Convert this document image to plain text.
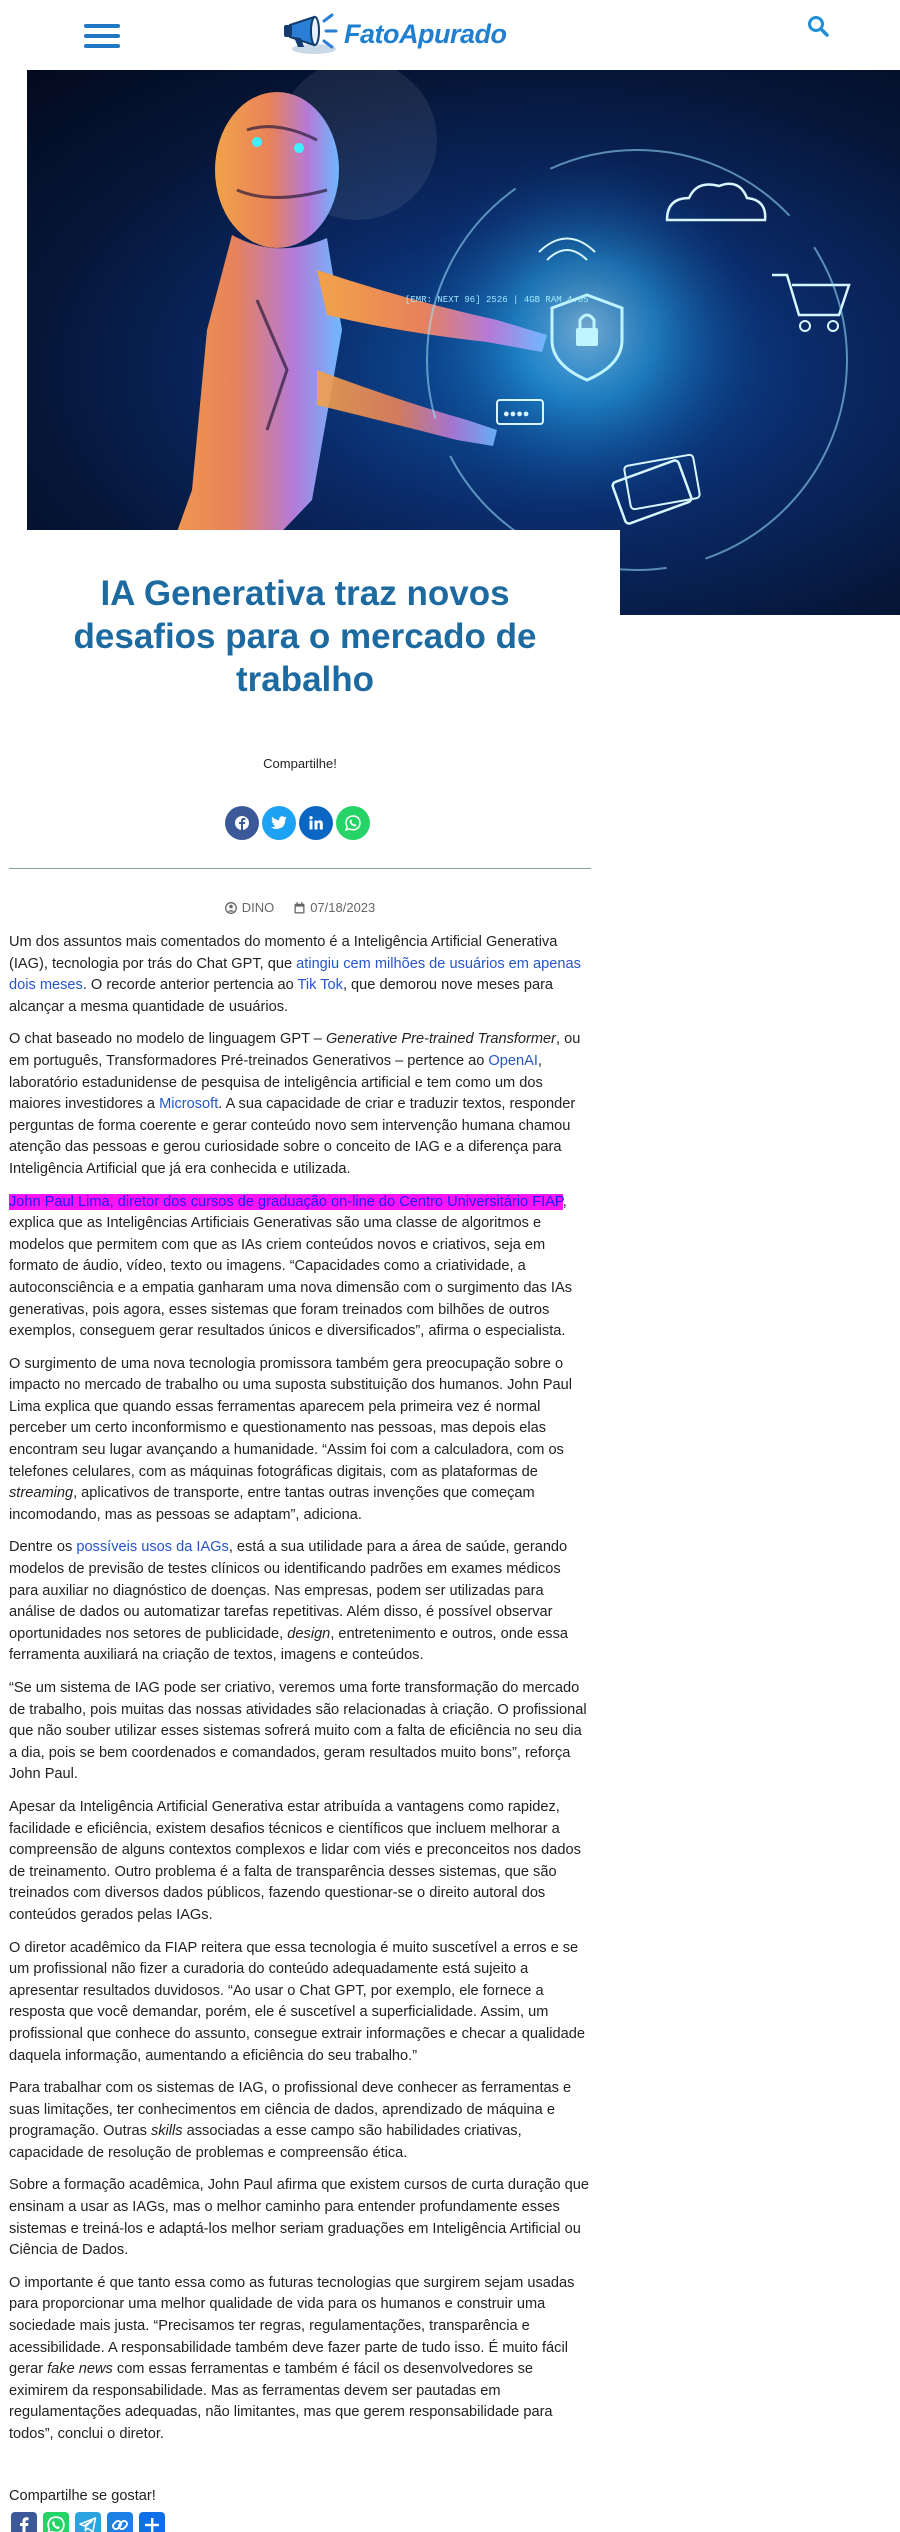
FatoApurado
●●●●
[EMR: NEXT 96] 2526 | 4GB RAM 4.05
IA Generativa traz novos desafios para o mercado de trabalho
Compartilhe!
DINO	07/18/2023

Um dos assuntos mais comentados do momento é a Inteligência Artificial Generativa (IAG), tecnologia por trás do Chat GPT, que atingiu cem milhões de usuários em apenas dois meses. O recorde anterior pertencia ao Tik Tok, que demorou nove meses para alcançar a mesma quantidade de usuários.

O chat baseado no modelo de linguagem GPT – Generative Pre-trained Transformer, ou em português, Transformadores Pré-treinados Generativos – pertence ao OpenAI, laboratório estadunidense de pesquisa de inteligência artificial e tem como um dos maiores investidores a Microsoft. A sua capacidade de criar e traduzir textos, responder perguntas de forma coerente e gerar conteúdo novo sem intervenção humana chamou atenção das pessoas e gerou curiosidade sobre o conceito de IAG e a diferença para Inteligência Artificial que já era conhecida e utilizada.

John Paul Lima, diretor dos cursos de graduação on-line do Centro Universitário FIAP, explica que as Inteligências Artificiais Generativas são uma classe de algoritmos e modelos que permitem com que as IAs criem conteúdos novos e criativos, seja em formato de áudio, vídeo, texto ou imagens. “Capacidades como a criatividade, a autoconsciência e a empatia ganharam uma nova dimensão com o surgimento das IAs generativas, pois agora, esses sistemas que foram treinados com bilhões de outros exemplos, conseguem gerar resultados únicos e diversificados”, afirma o especialista.

O surgimento de uma nova tecnologia promissora também gera preocupação sobre o impacto no mercado de trabalho ou uma suposta substituição dos humanos. John Paul Lima explica que quando essas ferramentas aparecem pela primeira vez é normal perceber um certo inconformismo e questionamento nas pessoas, mas depois elas encontram seu lugar avançando a humanidade. “Assim foi com a calculadora, com os telefones celulares, com as máquinas fotográficas digitais, com as plataformas de streaming, aplicativos de transporte, entre tantas outras invenções que começam incomodando, mas as pessoas se adaptam”, adiciona.

Dentre os possíveis usos da IAGs, está a sua utilidade para a área de saúde, gerando modelos de previsão de testes clínicos ou identificando padrões em exames médicos para auxiliar no diagnóstico de doenças. Nas empresas, podem ser utilizadas para análise de dados ou automatizar tarefas repetitivas. Além disso, é possível observar oportunidades nos setores de publicidade, design, entretenimento e outros, onde essa ferramenta auxiliará na criação de textos, imagens e conteúdos.

“Se um sistema de IAG pode ser criativo, veremos uma forte transformação do mercado de trabalho, pois muitas das nossas atividades são relacionadas à criação. O profissional que não souber utilizar esses sistemas sofrerá muito com a falta de eficiência no seu dia a dia, pois se bem coordenados e comandados, geram resultados muito bons”, reforça John Paul.

Apesar da Inteligência Artificial Generativa estar atribuída a vantagens como rapidez, facilidade e eficiência, existem desafios técnicos e científicos que incluem melhorar a compreensão de alguns contextos complexos e lidar com viés e preconceitos nos dados de treinamento. Outro problema é a falta de transparência desses sistemas, que são treinados com diversos dados públicos, fazendo questionar-se o direito autoral dos conteúdos gerados pelas IAGs.

O diretor acadêmico da FIAP reitera que essa tecnologia é muito suscetível a erros e se um profissional não fizer a curadoria do conteúdo adequadamente está sujeito a apresentar resultados duvidosos. “Ao usar o Chat GPT, por exemplo, ele fornece a resposta que você demandar, porém, ele é suscetível a superficialidade. Assim, um profissional que conhece do assunto, consegue extrair informações e checar a qualidade daquela informação, aumentando a eficiência do seu trabalho.”

Para trabalhar com os sistemas de IAG, o profissional deve conhecer as ferramentas e suas limitações, ter conhecimentos em ciência de dados, aprendizado de máquina e programação. Outras skills associadas a esse campo são habilidades criativas, capacidade de resolução de problemas e compreensão ética.

Sobre a formação acadêmica, John Paul afirma que existem cursos de curta duração que ensinam a usar as IAGs, mas o melhor caminho para entender profundamente esses sistemas e treiná-los e adaptá-los melhor seriam graduações em Inteligência Artificial ou Ciência de Dados.

O importante é que tanto essa como as futuras tecnologias que surgirem sejam usadas para proporcionar uma melhor qualidade de vida para os humanos e construir uma sociedade mais justa. “Precisamos ter regras, regulamentações, transparência e acessibilidade. A responsabilidade também deve fazer parte de tudo isso. É muito fácil gerar fake news com essas ferramentas e também é fácil os desenvolvedores se eximirem da responsabilidade. Mas as ferramentas devem ser pautadas em regulamentações adequadas, não limitantes, mas que gerem responsabilidade para todos”, conclui o diretor.

Compartilhe se gostar!
